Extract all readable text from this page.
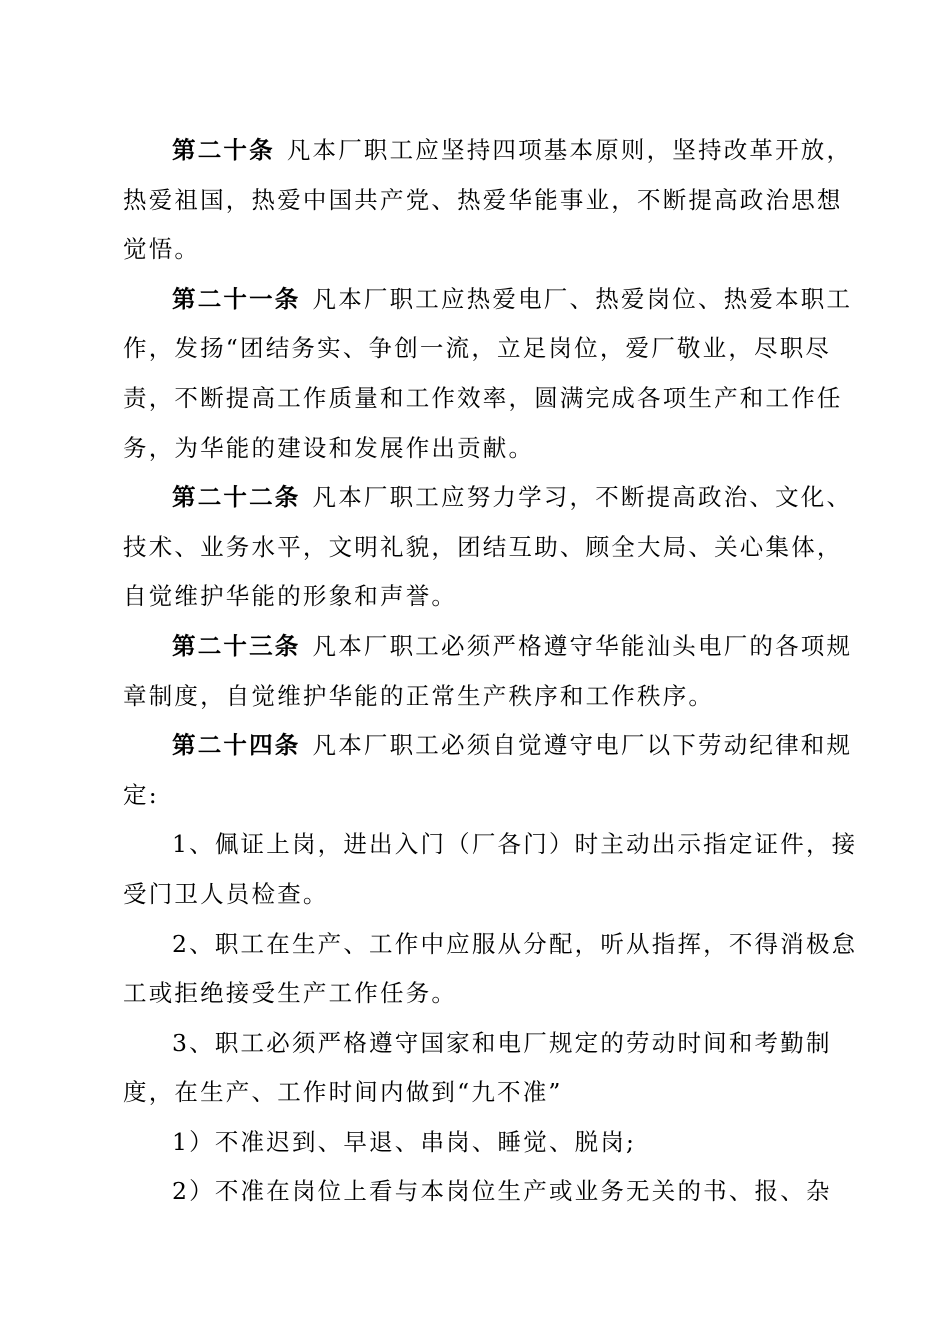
第二十条 凡本厂职工应坚持四项基本原则，坚持改革开放，热爱祖国，热爱中国共产党、热爱华能事业，不断提高政治思想觉悟。

第二十一条 凡本厂职工应热爱电厂、热爱岗位、热爱本职工作，发扬“团结务实、争创一流，立足岗位，爱厂敬业，尽职尽责，不断提高工作质量和工作效率，圆满完成各项生产和工作任务，为华能的建设和发展作出贡献。

第二十二条 凡本厂职工应努力学习，不断提高政治、文化、技术、业务水平，文明礼貌，团结互助、顾全大局、关心集体，自觉维护华能的形象和声誉。

第二十三条 凡本厂职工必须严格遵守华能汕头电厂的各项规章制度，自觉维护华能的正常生产秩序和工作秩序。

第二十四条 凡本厂职工必须自觉遵守电厂以下劳动纪律和规定:

1、佩证上岗，进出入门（厂各门）时主动出示指定证件，接受门卫人员检查。

2、职工在生产、工作中应服从分配，听从指挥，不得消极怠工或拒绝接受生产工作任务。

3、职工必须严格遵守国家和电厂规定的劳动时间和考勤制度，在生产、工作时间内做到“九不准”

1）不准迟到、早退、串岗、睡觉、脱岗;

2）不准在岗位上看与本岗位生产或业务无关的书、报、杂
